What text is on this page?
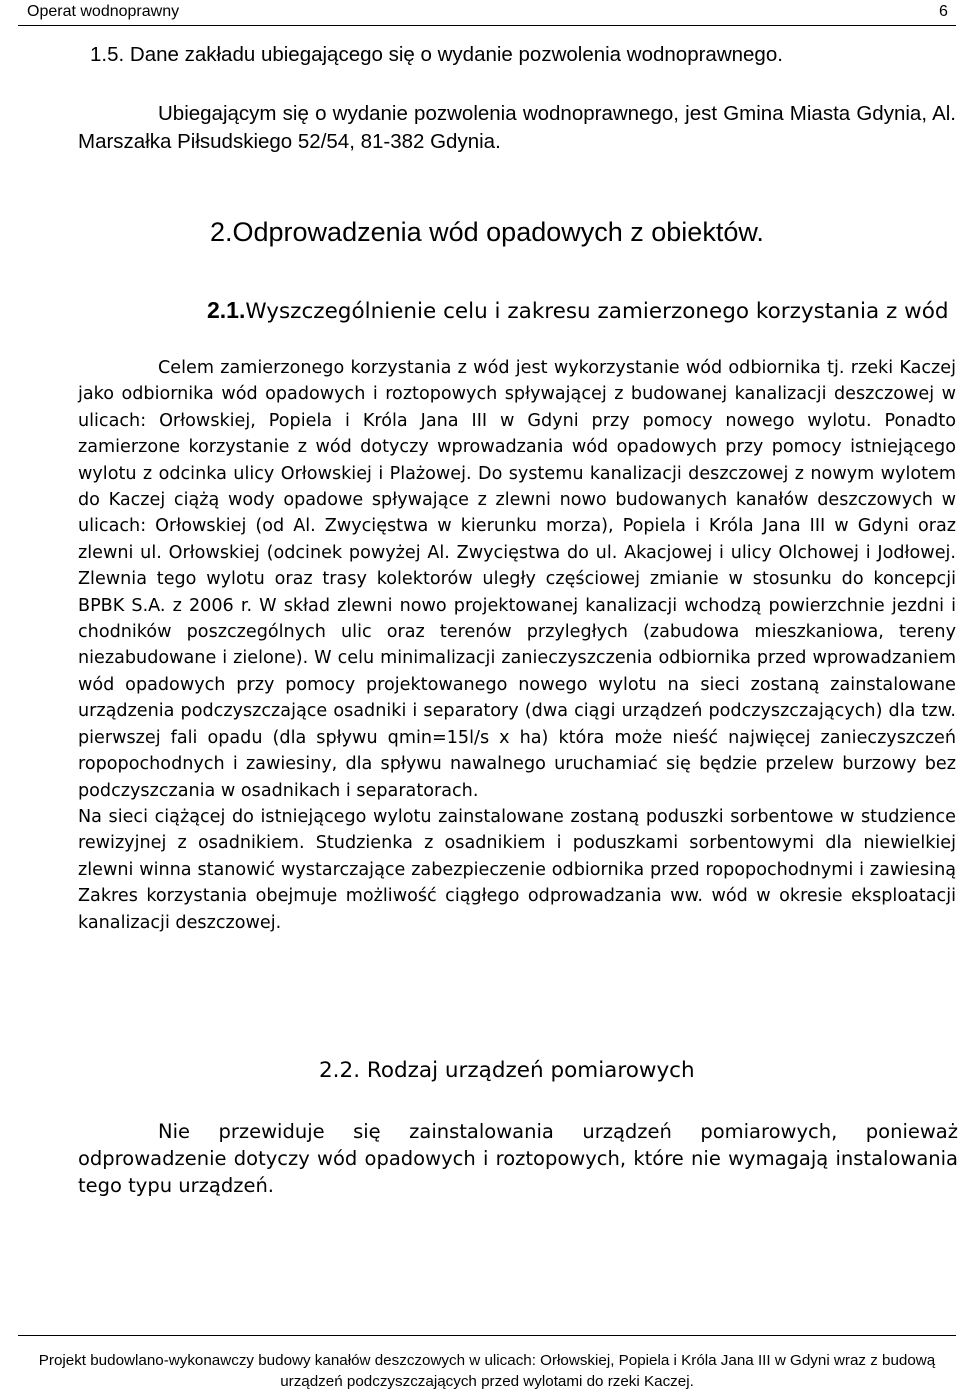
Operat wodnoprawny	6
1.5. Dane zakładu ubiegającego się o wydanie pozwolenia wodnoprawnego.
Ubiegającym się o wydanie pozwolenia wodnoprawnego, jest Gmina Miasta Gdynia, Al. Marszałka Piłsudskiego 52/54, 81-382 Gdynia.
2.Odprowadzenia wód opadowych z obiektów.
2.1.Wyszczególnienie celu i zakresu zamierzonego korzystania z wód

Celem zamierzonego korzystania z wód jest wykorzystanie wód odbiornika tj. rzeki Kaczej jako odbiornika wód opadowych i roztopowych spływającej z budowanej kanalizacji deszczowej w ulicach: Orłowskiej, Popiela i Króla Jana III w Gdyni przy pomocy nowego wylotu. Ponadto zamierzone korzystanie z wód dotyczy wprowadzania wód opadowych przy pomocy istniejącego wylotu z odcinka ulicy Orłowskiej i Plażowej. Do systemu kanalizacji deszczowej z nowym wylotem do Kaczej ciążą wody opadowe spływające z zlewni nowo budowanych kanałów deszczowych w ulicach: Orłowskiej (od Al. Zwycięstwa w kierunku morza), Popiela i Króla Jana III w Gdyni oraz zlewni ul. Orłowskiej (odcinek powyżej Al. Zwycięstwa do ul. Akacjowej i ulicy Olchowej i Jodłowej. Zlewnia tego wylotu oraz trasy kolektorów uległy częściowej zmianie w stosunku do koncepcji BPBK S.A. z 2006 r. W skład zlewni nowo projektowanej kanalizacji wchodzą powierzchnie jezdni i chodników poszczególnych ulic oraz terenów przyległych (zabudowa mieszkaniowa, tereny niezabudowane i zielone). W celu minimalizacji zanieczyszczenia odbiornika przed wprowadzaniem wód opadowych przy pomocy projektowanego nowego wylotu na sieci zostaną zainstalowane urządzenia podczyszczające osadniki i separatory (dwa ciągi urządzeń podczyszczających) dla tzw. pierwszej fali opadu (dla spływu qmin=15l/s x ha) która może nieść najwięcej zanieczyszczeń ropopochodnych i zawiesiny, dla spływu nawalnego uruchamiać się będzie przelew burzowy bez podczyszczania w osadnikach i separatorach.

Na sieci ciążącej do istniejącego wylotu zainstalowane zostaną poduszki sorbentowe w studzience rewizyjnej z osadnikiem. Studzienka z osadnikiem i poduszkami sorbentowymi dla niewielkiej zlewni winna stanowić wystarczające zabezpieczenie odbiornika przed ropopochodnymi i zawiesiną Zakres korzystania obejmuje możliwość ciągłego odprowadzania ww. wód w okresie eksploatacji kanalizacji deszczowej.

2.2. Rodzaj urządzeń pomiarowych
Nie przewiduje się zainstalowania urządzeń pomiarowych, ponieważ odprowadzenie dotyczy wód opadowych i roztopowych, które nie wymagają instalowania tego typu urządzeń.
Projekt budowlano-wykonawczy budowy kanałów deszczowych w ulicach: Orłowskiej, Popiela i Króla Jana III w Gdyni wraz z budową urządzeń podczyszczających przed wylotami do rzeki Kaczej.
